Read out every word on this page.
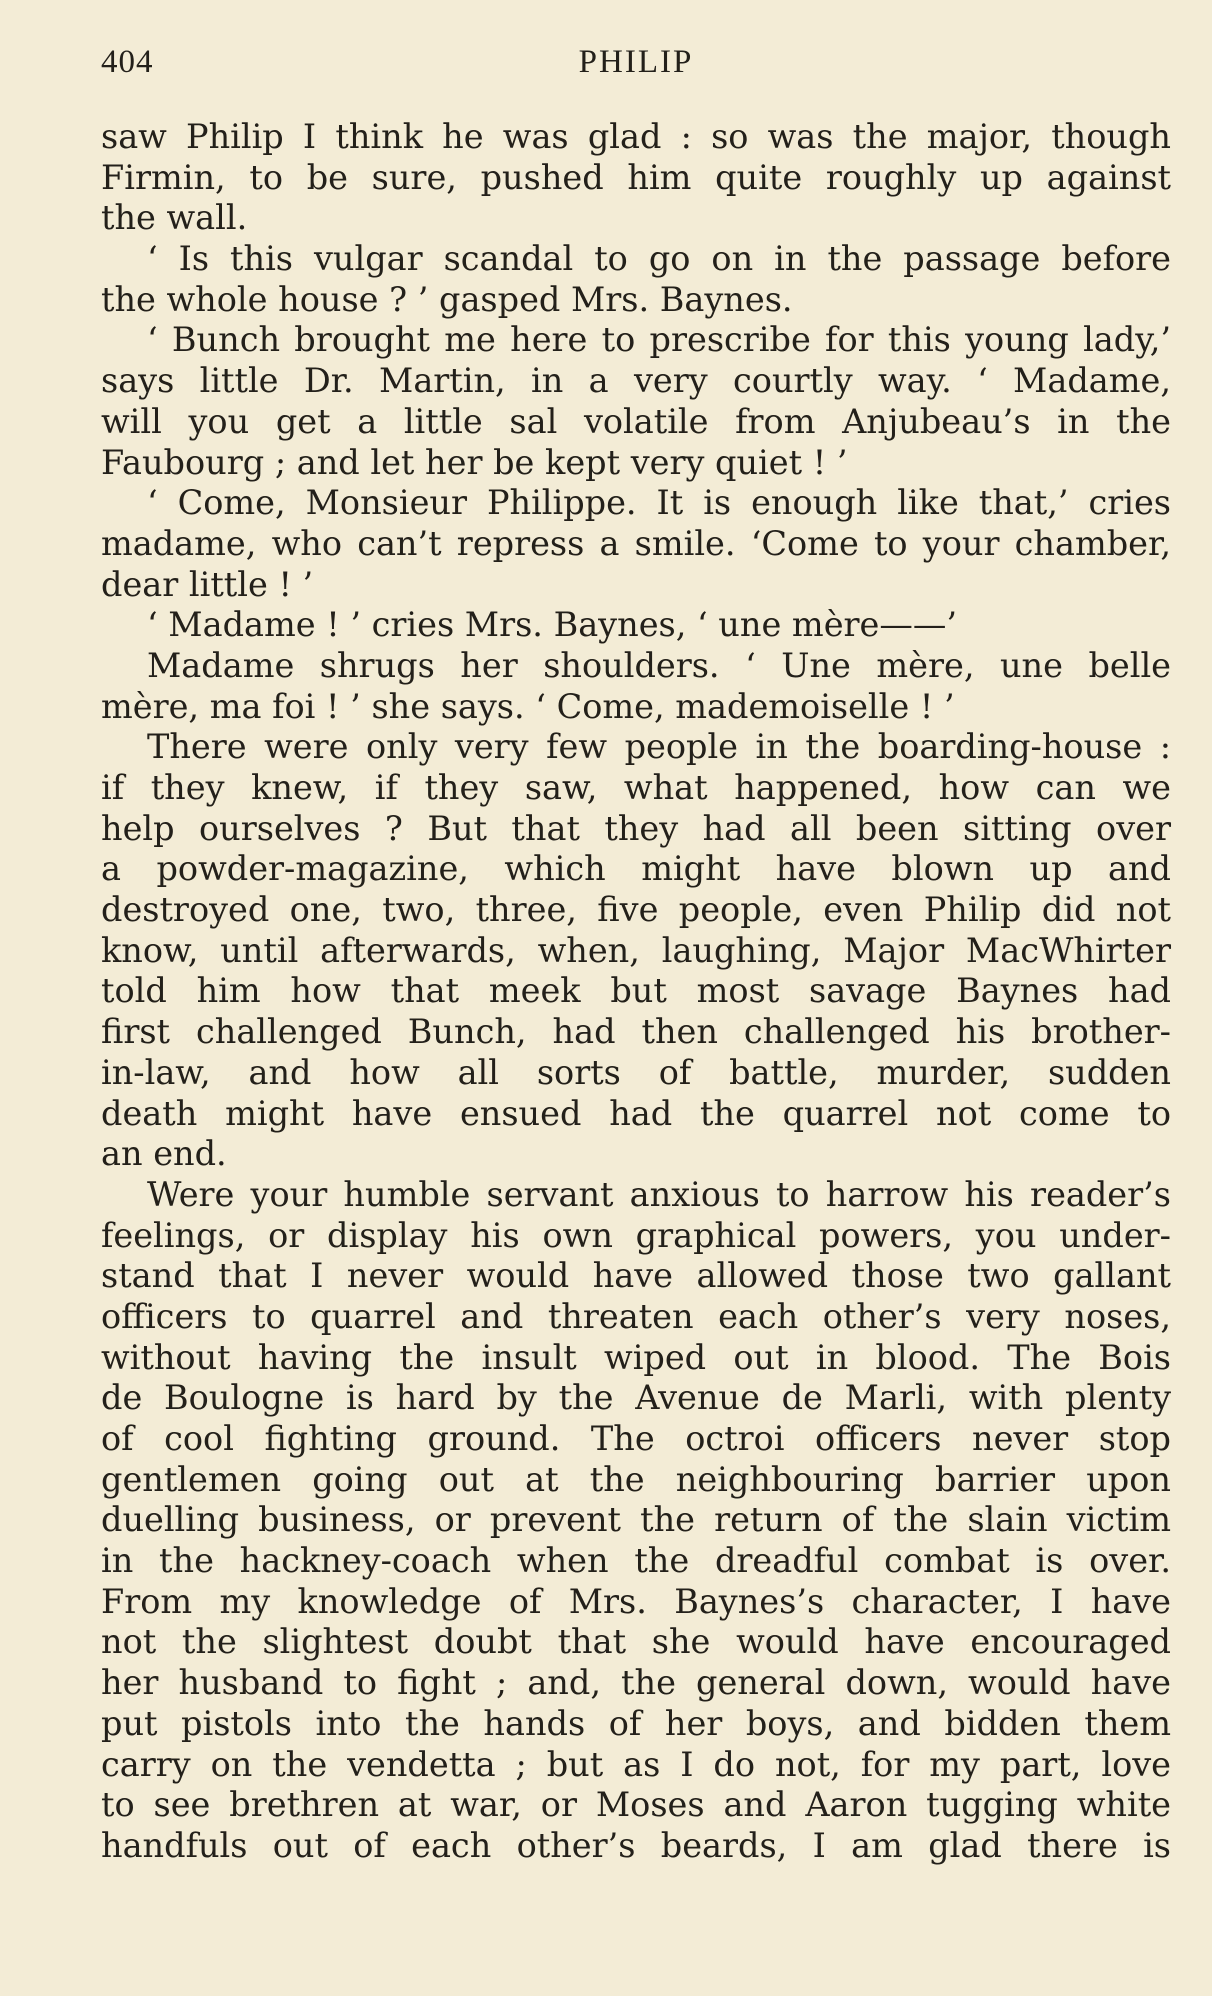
404	PHILIP
saw Philip I think he was glad : so was the major, though
Firmin, to be sure, pushed him quite roughly up against
the wall.
‘ Is this vulgar scandal to go on in the passage before
the whole house ? ’ gasped Mrs. Baynes.
‘ Bunch brought me here to prescribe for this young lady,’
says little Dr. Martin, in a very courtly way. ‘ Madame,
will you get a little sal volatile from Anjubeau’s in the
Faubourg ; and let her be kept very quiet ! ’
‘ Come, Monsieur Philippe. It is enough like that,’ cries
madame, who can’t repress a smile. ‘Come to your chamber,
dear little ! ’
‘ Madame ! ’ cries Mrs. Baynes, ‘ une mère——’
Madame shrugs her shoulders. ‘ Une mère, une belle
mère, ma foi ! ’ she says. ‘ Come, mademoiselle ! ’
There were only very few people in the boarding-house :
if they knew, if they saw, what happened, how can we
help ourselves ? But that they had all been sitting over
a powder-magazine, which might have blown up and
destroyed one, two, three, five people, even Philip did not
know, until afterwards, when, laughing, Major MacWhirter
told him how that meek but most savage Baynes had
first challenged Bunch, had then challenged his brother-
in-law, and how all sorts of battle, murder, sudden
death might have ensued had the quarrel not come to
an end.
Were your humble servant anxious to harrow his reader’s
feelings, or display his own graphical powers, you under-
stand that I never would have allowed those two gallant
officers to quarrel and threaten each other’s very noses,
without having the insult wiped out in blood. The Bois
de Boulogne is hard by the Avenue de Marli, with plenty
of cool fighting ground. The octroi officers never stop
gentlemen going out at the neighbouring barrier upon
duelling business, or prevent the return of the slain victim
in the hackney-coach when the dreadful combat is over.
From my knowledge of Mrs. Baynes’s character, I have
not the slightest doubt that she would have encouraged
her husband to fight ; and, the general down, would have
put pistols into the hands of her boys, and bidden them
carry on the vendetta ; but as I do not, for my part, love
to see brethren at war, or Moses and Aaron tugging white
handfuls out of each other’s beards, I am glad there is
